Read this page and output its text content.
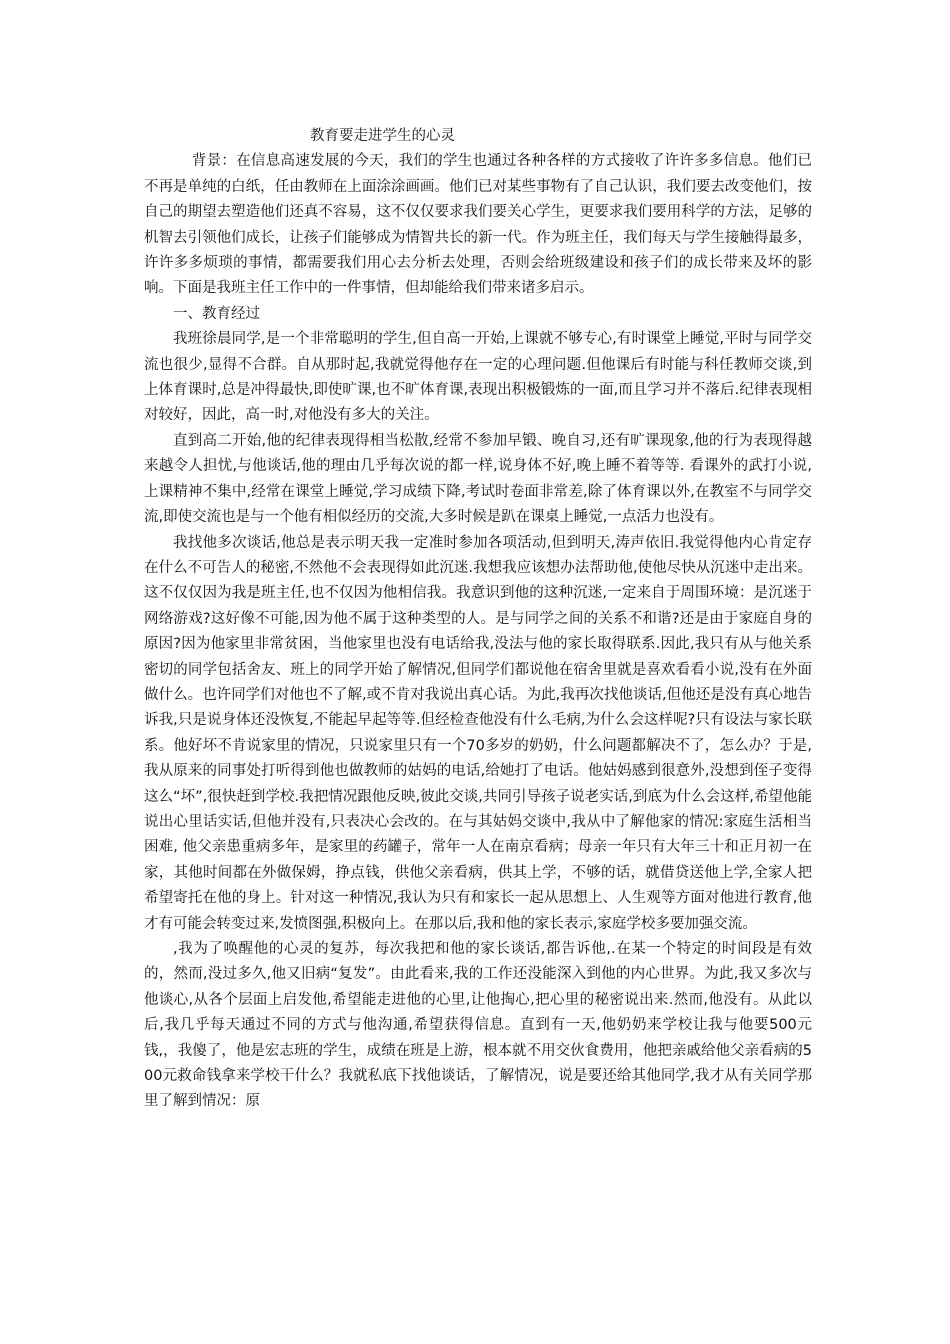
教育要走进学生的心灵

背景：在信息高速发展的今天，我们的学生也通过各种各样的方式接收了许许多多信息。他们已不再是单纯的白纸，任由教师在上面涂涂画画。他们已对某些事物有了自己认识，我们要去改变他们，按自己的期望去塑造他们还真不容易，这不仅仅要求我们要关心学生，更要求我们要用科学的方法，足够的机智去引领他们成长，让孩子们能够成为情智共长的新一代。作为班主任，我们每天与学生接触得最多，许许多多烦琐的事情，都需要我们用心去分析去处理，否则会给班级建设和孩子们的成长带来及坏的影响。下面是我班主任工作中的一件事情，但却能给我们带来诸多启示。

一、教育经过

我班徐晨同学,是一个非常聪明的学生,但自高一开始,上课就不够专心,有时课堂上睡觉,平时与同学交流也很少,显得不合群。自从那时起,我就觉得他存在一定的心理问题.但他课后有时能与科任教师交谈,到上体育课时,总是冲得最快,即使旷课,也不旷体育课,表现出积极锻炼的一面,而且学习并不落后.纪律表现相对较好，因此，高一时,对他没有多大的关注。

直到高二开始,他的纪律表现得相当松散,经常不参加早锻、晚自习,还有旷课现象,他的行为表现得越来越令人担忧,与他谈话,他的理由几乎每次说的都一样,说身体不好,晚上睡不着等等. 看课外的武打小说,上课精神不集中,经常在课堂上睡觉,学习成绩下降,考试时卷面非常差,除了体育课以外,在教室不与同学交流,即使交流也是与一个他有相似经历的交流,大多时候是趴在课桌上睡觉,一点活力也没有。

我找他多次谈话,他总是表示明天我一定准时参加各项活动,但到明天,涛声依旧.我觉得他内心肯定存在什么不可告人的秘密,不然他不会表现得如此沉迷.我想我应该想办法帮助他,使他尽快从沉迷中走出来。这不仅仅因为我是班主任,也不仅因为他相信我。我意识到他的这种沉迷,一定来自于周围环境：是沉迷于网络游戏?这好像不可能,因为他不属于这种类型的人。是与同学之间的关系不和谐?还是由于家庭自身的原因?因为他家里非常贫困，当他家里也没有电话给我,没法与他的家长取得联系.因此,我只有从与他关系密切的同学包括舍友、班上的同学开始了解情况,但同学们都说他在宿舍里就是喜欢看看小说,没有在外面做什么。也许同学们对他也不了解,或不肯对我说出真心话。为此,我再次找他谈话,但他还是没有真心地告诉我,只是说身体还没恢复,不能起早起等等.但经检查他没有什么毛病,为什么会这样呢?只有设法与家长联系。他好坏不肯说家里的情况，只说家里只有一个70多岁的奶奶，什么问题都解决不了，怎么办？于是,我从原来的同事处打听得到他也做教师的姑妈的电话,给她打了电话。他姑妈感到很意外,没想到侄子变得这么“坏”,很快赶到学校.我把情况跟他反映,彼此交谈,共同引导孩子说老实话,到底为什么会这样,希望他能说出心里话实话,但他并没有,只表决心会改的。在与其姑妈交谈中,我从中了解他家的情况:家庭生活相当困难, 他父亲患重病多年，是家里的药罐子，常年一人在南京看病；母亲一年只有大年三十和正月初一在家，其他时间都在外做保姆，挣点钱，供他父亲看病，供其上学，不够的话，就借贷送他上学,全家人把希望寄托在他的身上。针对这一种情况,我认为只有和家长一起从思想上、人生观等方面对他进行教育,他才有可能会转变过来,发愤图强,积极向上。在那以后,我和他的家长表示,家庭学校多要加强交流。

,我为了唤醒他的心灵的复苏，每次我把和他的家长谈话,都告诉他,.在某一个特定的时间段是有效的，然而,没过多久,他又旧病“复发”。由此看来,我的工作还没能深入到他的内心世界。为此,我又多次与他谈心,从各个层面上启发他,希望能走进他的心里,让他掏心,把心里的秘密说出来.然而,他没有。从此以后,我几乎每天通过不同的方式与他沟通,希望获得信息。直到有一天,他奶奶来学校让我与他要500元钱,，我傻了，他是宏志班的学生，成绩在班是上游，根本就不用交伙食费用，他把亲戚给他父亲看病的500元救命钱拿来学校干什么？我就私底下找他谈话，了解情况，说是要还给其他同学,我才从有关同学那里了解到情况：原
